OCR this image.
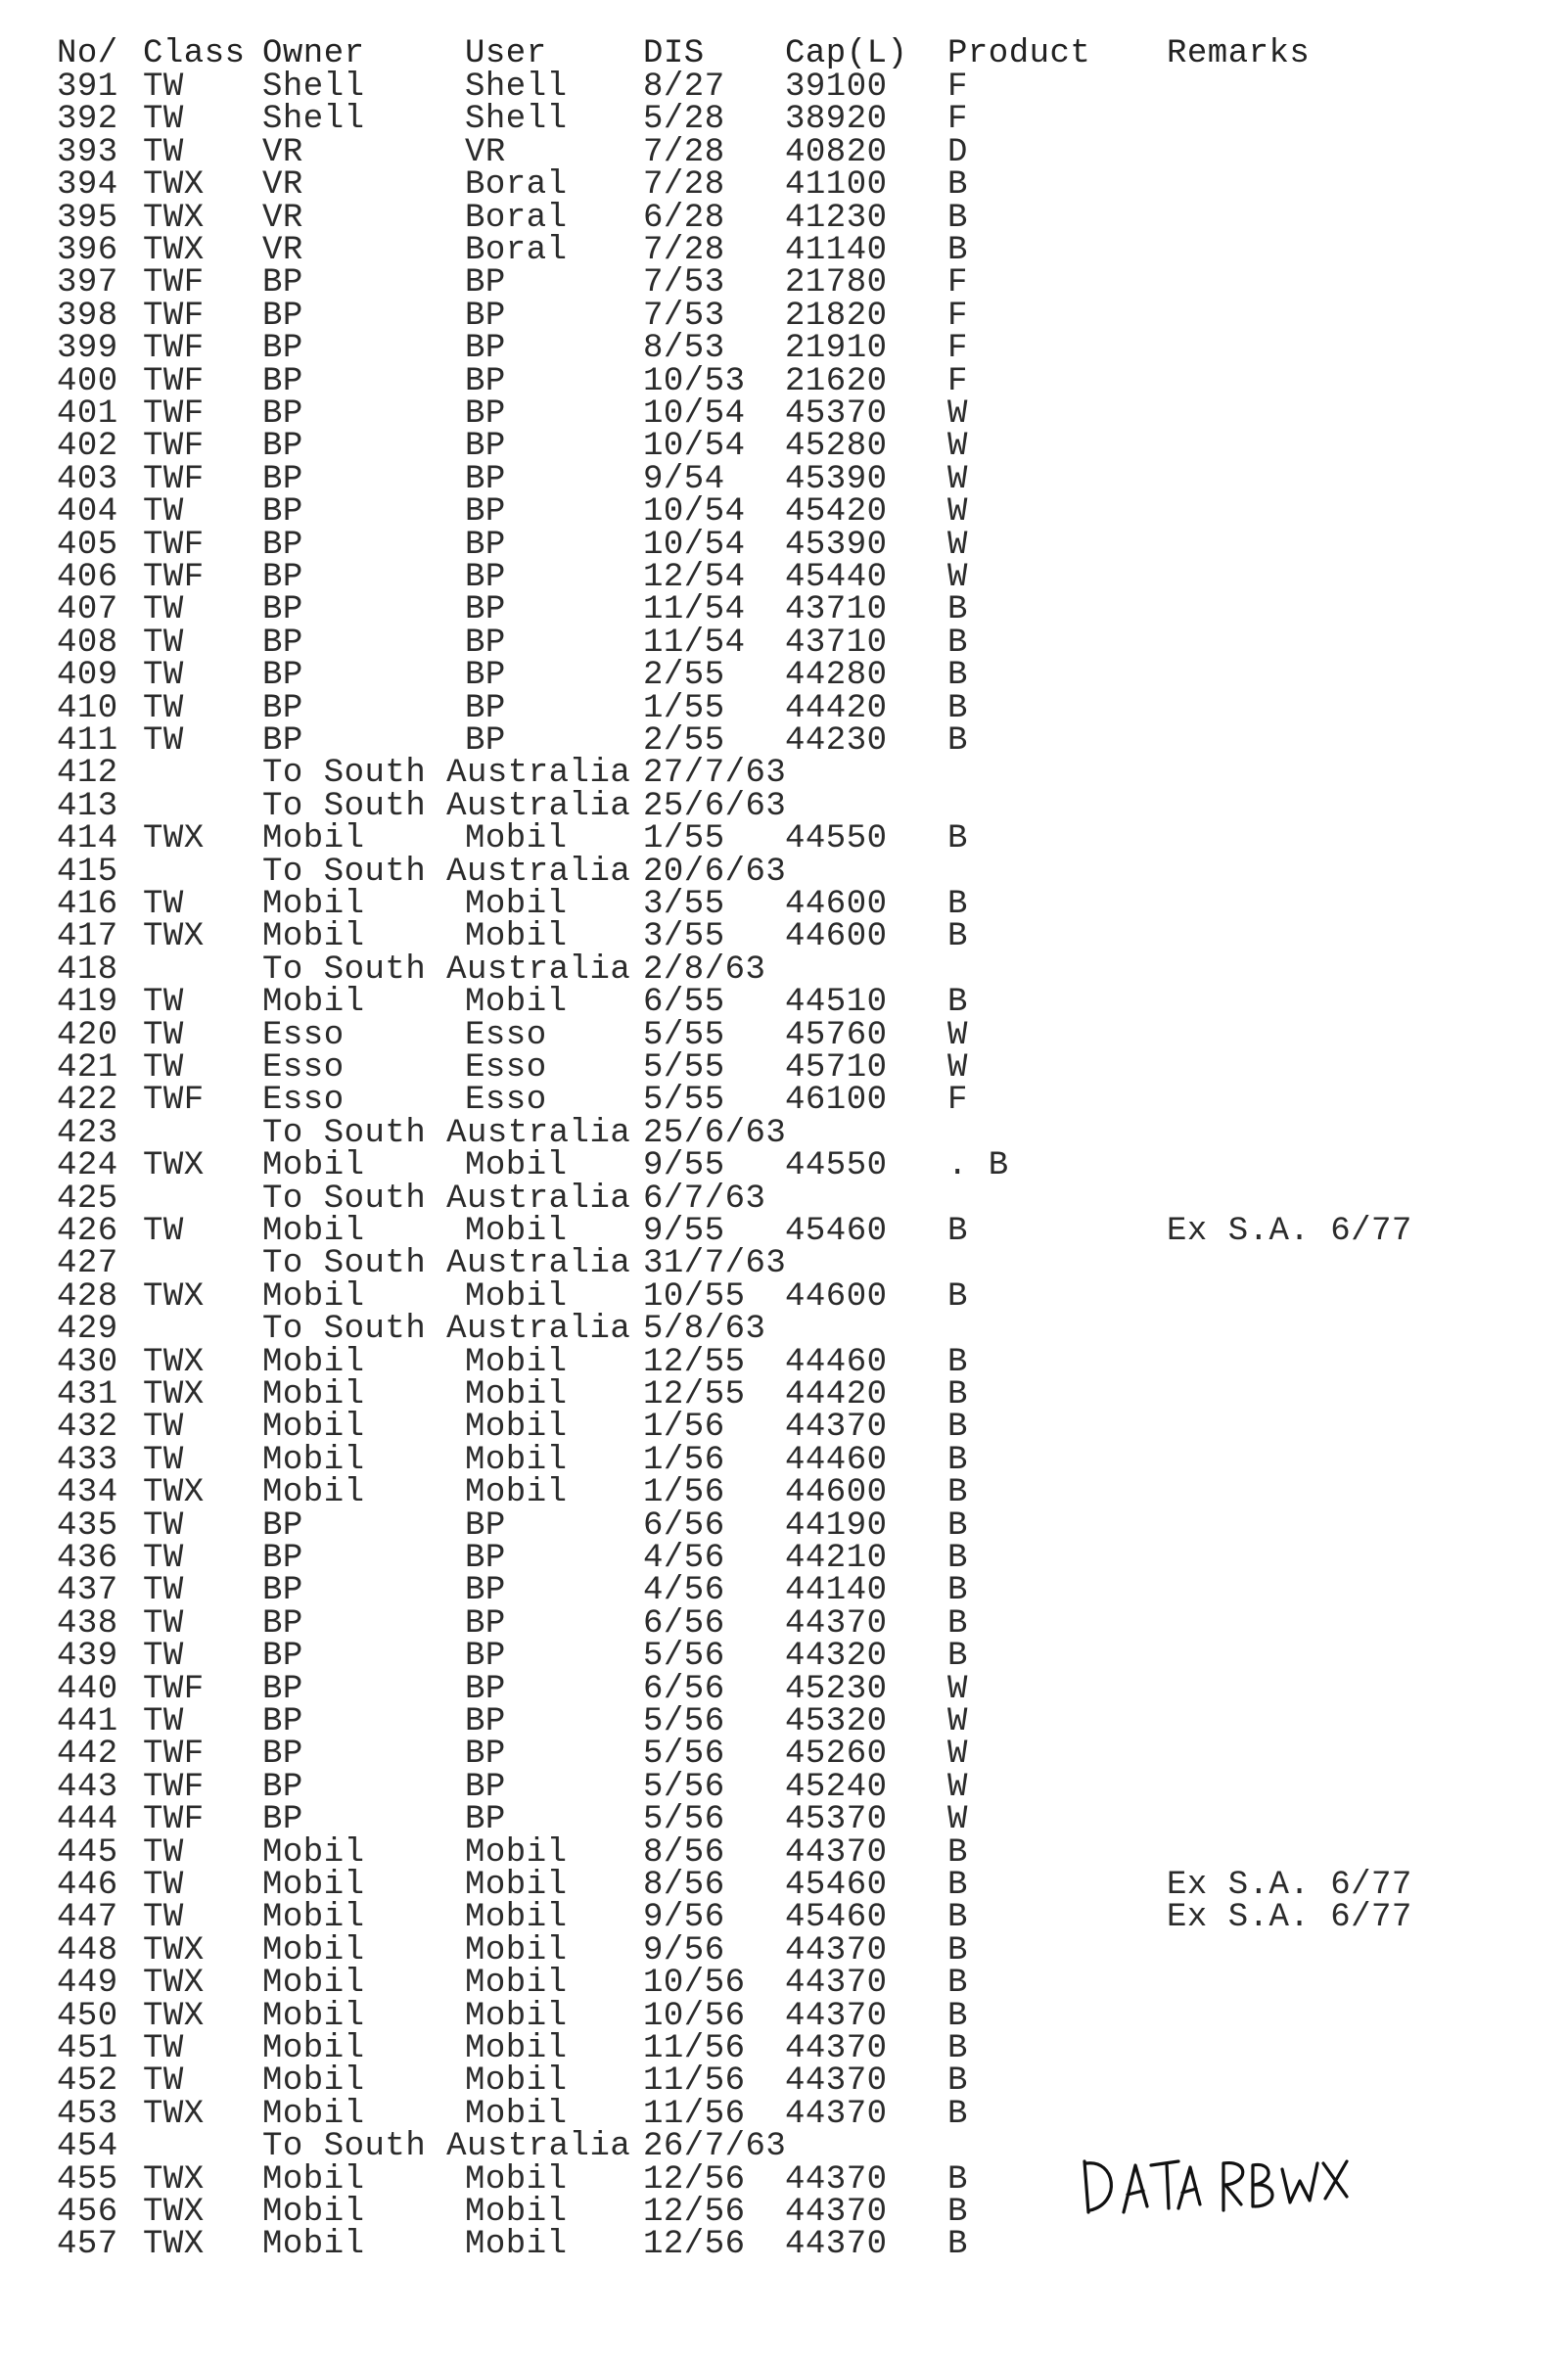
No/ Class Owner	User	DIS Cap(L) Product Remarks
391 TW Shell	Shell 8/27 39100 F
392 TW Shell	Shell 5/28 38920 F
393 TW VR	VR	7/28 40820 D
394 TWX VR	Boral 7/28 41100 B
395 TWX VR	Boral 6/28 41230 B
396 TWX VR	Boral 7/28 41140 B
397 TWF BP	BP	7/53 21780 F
398 TWF BP	BP	7/53 21820 F
399 TWF BP	BP	8/53 21910 F
400 TWF BP	BP	10/53 21620 F
401 TWF BP	BP	10/54 45370 W
402 TWF BP	BP	10/54 45280 W
403 TWF BP	BP	9/54 45390 W
404 TW BP	BP	10/54 45420 W
405 TWF BP	BP	10/54 45390 W
406 TWF BP	BP	12/54 45440 W
407 TW BP	BP	11/54 43710 B
408 TW BP	BP	11/54 43710 B
409 TW BP	BP	2/55 44280 B
410 TW BP	BP	1/55 44420 B
411 TW BP	BP	2/55 44230 B
412	To South Australia 27/7/63
413	To South Australia 25/6/63
414 TWX Mobil	Mobil 1/55 44550 B
415	To South Australia 20/6/63
416 TW Mobil	Mobil 3/55 44600 B
417 TWX Mobil	Mobil 3/55 44600 B
418	To South Australia 2/8/63
419 TW Mobil	Mobil 6/55 44510 B
420 TW Esso	Esso	5/55 45760 W
421 TW Esso	Esso	5/55 45710 W
422 TWF Esso	Esso	5/55 46100 F
423	To South Australia 25/6/63
424 TWX Mobil	Mobil 9/55 44550 . B
425	To South Australia 6/7/63
426 TW Mobil	Mobil 9/55 45460 B	Ex S.A. 6/77
427	To South Australia 31/7/63
428 TWX Mobil	Mobil 10/55 44600 B
429	To South Australia 5/8/63
430 TWX Mobil	Mobil 12/55 44460 B
431 TWX Mobil	Mobil 12/55 44420 B
432 TW Mobil	Mobil 1/56 44370 B
433 TW Mobil	Mobil 1/56 44460 B
434 TWX Mobil	Mobil 1/56 44600 B
435 TW BP	BP	6/56 44190 B
436 TW BP	BP	4/56 44210 B
437 TW BP	BP	4/56 44140 B
438 TW BP	BP	6/56 44370 B
439 TW BP	BP	5/56 44320 B
440 TWF BP	BP	6/56 45230 W
441 TW BP	BP	5/56 45320 W
442 TWF BP	BP	5/56 45260 W
443 TWF BP	BP	5/56 45240 W
444 TWF BP	BP	5/56 45370 W
445 TW Mobil	Mobil 8/56 44370 B
446 TW Mobil	Mobil 8/56 45460 B	Ex S.A. 6/77
447 TW Mobil	Mobil 9/56 45460 B	Ex S.A. 6/77
448 TWX Mobil	Mobil 9/56 44370 B
449 TWX Mobil	Mobil 10/56 44370 B
450 TWX Mobil	Mobil 10/56 44370 B
451 TW Mobil	Mobil 11/56 44370 B
452 TW Mobil	Mobil 11/56 44370 B
453 TWX Mobil	Mobil 11/56 44370 B
454	To South Australia 26/7/63
455 TWX Mobil	Mobil 12/56 44370 B
456 TWX Mobil	Mobil 12/56 44370 B
457 TWX Mobil	Mobil 12/56 44370 B
